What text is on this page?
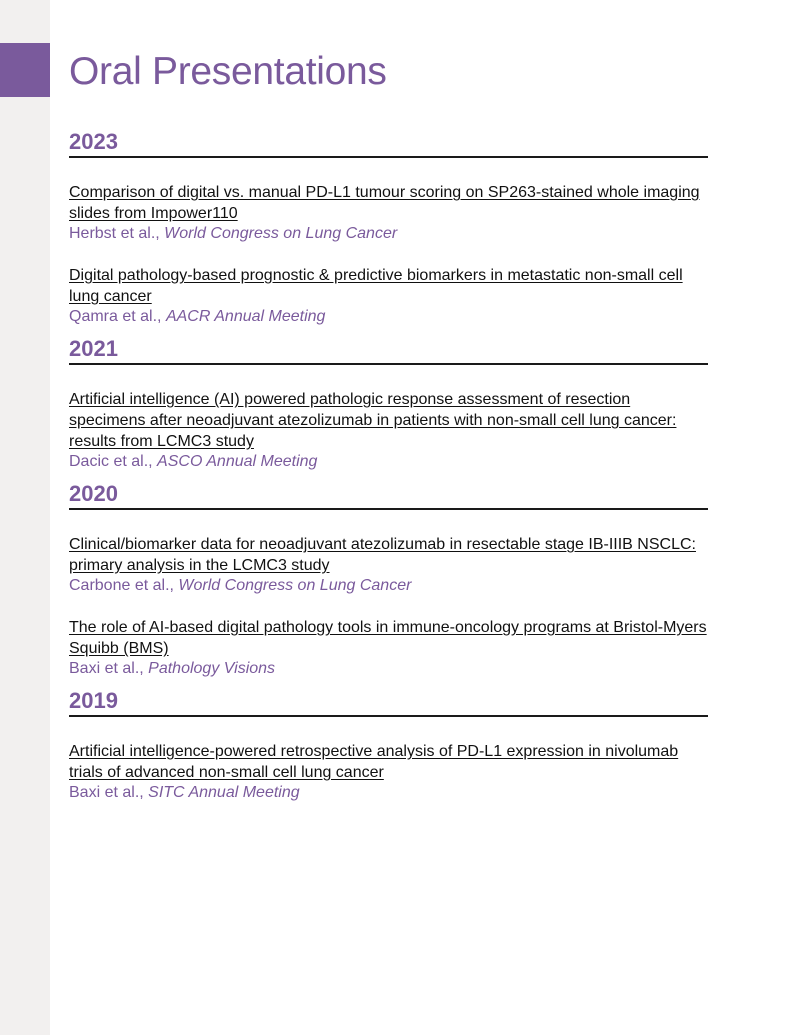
Oral Presentations
2023
Comparison of digital vs. manual PD-L1 tumour scoring on SP263-stained whole imaging slides from Impower110
Herbst et al., World Congress on Lung Cancer
Digital pathology-based prognostic & predictive biomarkers in metastatic non-small cell lung cancer
Qamra et al., AACR Annual Meeting
2021
Artificial intelligence (AI) powered pathologic response assessment of resection specimens after neoadjuvant atezolizumab in patients with non-small cell lung cancer: results from LCMC3 study
Dacic et al., ASCO Annual Meeting
2020
Clinical/biomarker data for neoadjuvant atezolizumab in resectable stage IB-IIIB NSCLC: primary analysis in the LCMC3 study
Carbone et al., World Congress on Lung Cancer
The role of AI-based digital pathology tools in immune-oncology programs at Bristol-Myers Squibb (BMS)
Baxi et al., Pathology Visions
2019
Artificial intelligence-powered retrospective analysis of PD-L1 expression in nivolumab trials of advanced non-small cell lung cancer
Baxi et al., SITC Annual Meeting
